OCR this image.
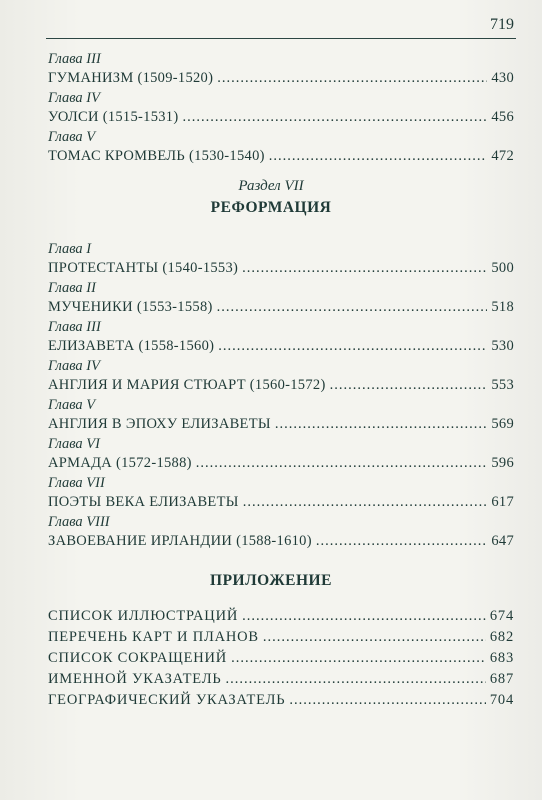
719
Глава III
ГУМАНИЗМ (1509-1520) .....	430
Глава IV
УОЛСИ (1515-1531) .....	456
Глава V
ТОМАС КРОМВЕЛЬ (1530-1540) .....	472
Раздел VII
РЕФОРМАЦИЯ
Глава I
ПРОТЕСТАНТЫ (1540-1553) .....	500
Глава II
МУЧЕНИКИ (1553-1558) .....	518
Глава III
ЕЛИЗАВЕТА (1558-1560) .....	530
Глава IV
АНГЛИЯ И МАРИЯ СТЮАРТ (1560-1572) .....	553
Глава V
АНГЛИЯ В ЭПОХУ ЕЛИЗАВЕТЫ .....	569
Глава VI
АРМАДА (1572-1588) .....	596
Глава VII
ПОЭТЫ ВЕКА ЕЛИЗАВЕТЫ .....	617
Глава VIII
ЗАВОЕВАНИЕ ИРЛАНДИИ (1588-1610) .....	647
ПРИЛОЖЕНИЕ
СПИСОК ИЛЛЮСТРАЦИЙ .....	674
ПЕРЕЧЕНЬ КАРТ И ПЛАНОВ .....	682
СПИСОК СОКРАЩЕНИЙ .....	683
ИМЕННОЙ УКАЗАТЕЛЬ .....	687
ГЕОГРАФИЧЕСКИЙ УКАЗАТЕЛЬ .....	704
